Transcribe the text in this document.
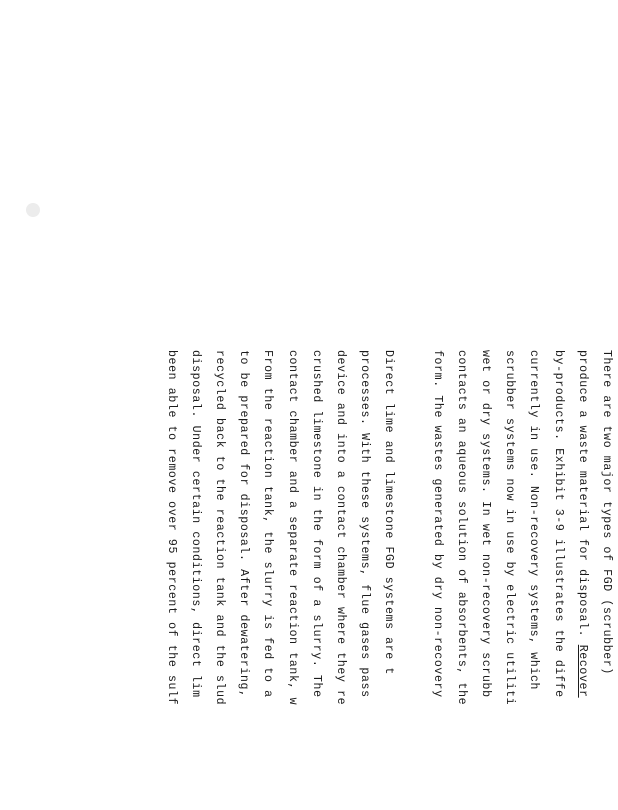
There are two major types of FGD (scrubber)
produce a waste material for disposal. Recover
by-products. Exhibit 3-9 illustrates the diffe
currently in use. Non-recovery systems, which
scrubber systems now in use by electric utiliti
wet or dry systems. In wet non-recovery scrubb
contacts an aqueous solution of absorbents, the
form. The wastes generated by dry non-recovery
Direct lime and limestone FGD systems are t
processes. With these systems, flue gases pass
device and into a contact chamber where they re
crushed limestone in the form of a slurry. The
contact chamber and a separate reaction tank, w
From the reaction tank, the slurry is fed to a
to be prepared for disposal. After dewatering,
recycled back to the reaction tank and the slud
disposal. Under certain conditions, direct lim
been able to remove over 95 percent of the sulf
